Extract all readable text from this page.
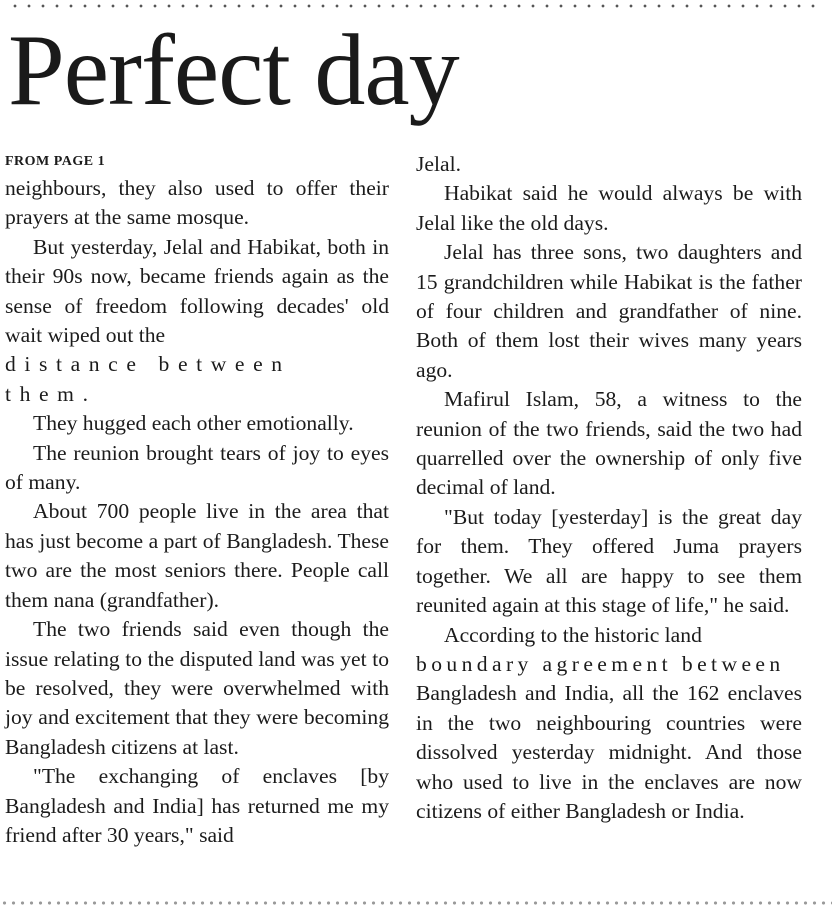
Perfect day
FROM PAGE 1

neighbours, they also used to offer their prayers at the same mosque.

But yesterday, Jelal and Habikat, both in their 90s now, became friends again as the sense of freedom following decades' old wait wiped out the

distance between them.

They hugged each other emotionally.

The reunion brought tears of joy to eyes of many.

About 700 people live in the area that has just become a part of Bangladesh. These two are the most seniors there. People call them nana (grandfather).

The two friends said even though the issue relating to the disputed land was yet to be resolved, they were overwhelmed with joy and excitement that they were becoming Bangladesh citizens at last.

"The exchanging of enclaves [by Bangladesh and India] has returned me my friend after 30 years," said

Jelal.

Habikat said he would always be with Jelal like the old days.

Jelal has three sons, two daughters and 15 grandchildren while Habikat is the father of four children and grandfather of nine. Both of them lost their wives many years ago.

Mafirul Islam, 58, a witness to the reunion of the two friends, said the two had quarrelled over the ownership of only five decimal of land.

"But today [yesterday] is the great day for them. They offered Juma prayers together. We all are happy to see them reunited again at this stage of life," he said.

According to the historic land

boundary agreement between

Bangladesh and India, all the 162 enclaves in the two neighbouring countries were dissolved yesterday midnight. And those who used to live in the enclaves are now citizens of either Bangladesh or India.
